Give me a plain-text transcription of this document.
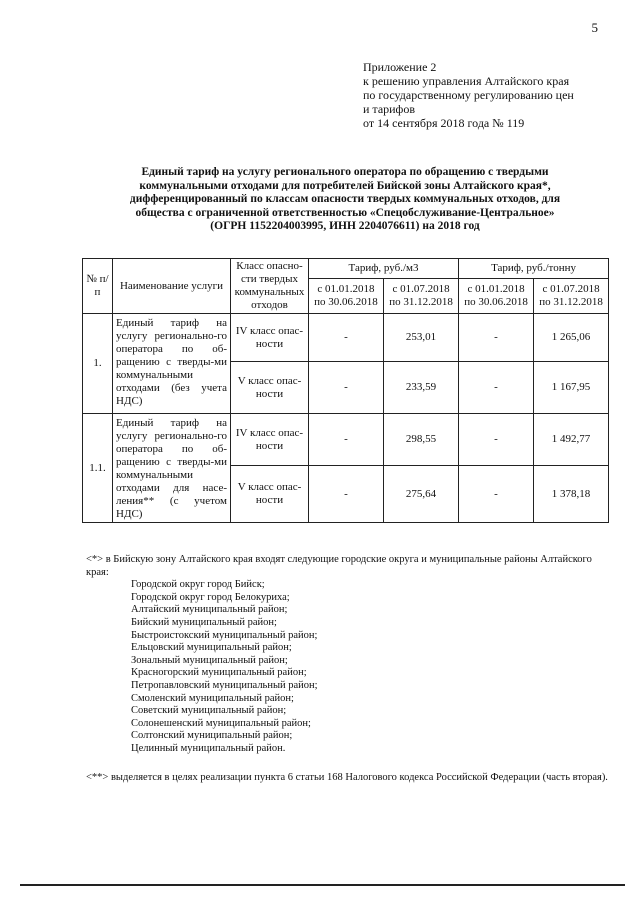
5
Приложение 2
к решению управления Алтайского края
по государственному регулированию цен
и тарифов
от 14 сентября 2018 года № 119
Единый тариф на услугу регионального оператора по обращению с твердыми
коммунальными отходами для потребителей Бийской зоны Алтайского края*,
дифференцированный по классам опасности твердых коммунальных отходов, для
общества с ограниченной ответственностью «Спецобслуживание-Центральное»
(ОГРН 1152204003995, ИНН 2204076611) на 2018 год
№ п/п	Наименование услуги	Класс опасно-сти твердых коммунальных отходов	Тариф, руб./м3		Тариф, руб./тонну	
			с 01.01.2018 по 30.06.2018	с 01.07.2018 по 31.12.2018	с 01.01.2018 по 30.06.2018	с 01.07.2018 по 31.12.2018
1.	Единый тариф на услугу регионально-го оператора по об-ращению с тверды-ми коммунальными отходами (без учета НДС)	IV класс опас-ности	-	253,01	-	1 265,06
		V класс опас-ности	-	233,59	-	1 167,95
1.1.	Единый тариф на услугу регионально-го оператора по об-ращению с тверды-ми коммунальными отходами для насе-ления** (с учетом НДС)	IV класс опас-ности	-	298,55	-	1 492,77
		V класс опас-ности	-	275,64	-	1 378,18
<*> в Бийскую зону Алтайского края входят следующие городские округа и муниципальные районы Алтайского края:
Городской округ город Бийск;
Городской округ город Белокуриха;
Алтайский муниципальный район;
Бийский муниципальный район;
Быстроистокский муниципальный район;
Ельцовский муниципальный район;
Зональный муниципальный район;
Красногорский муниципальный район;
Петропавловский муниципальный район;
Смоленский муниципальный район;
Советский муниципальный район;
Солонешенский муниципальный район;
Солтонский муниципальный район;
Целинный муниципальный район.
<**> выделяется в целях реализации пункта 6 статьи 168 Налогового кодекса Российской Федерации (часть вторая).
